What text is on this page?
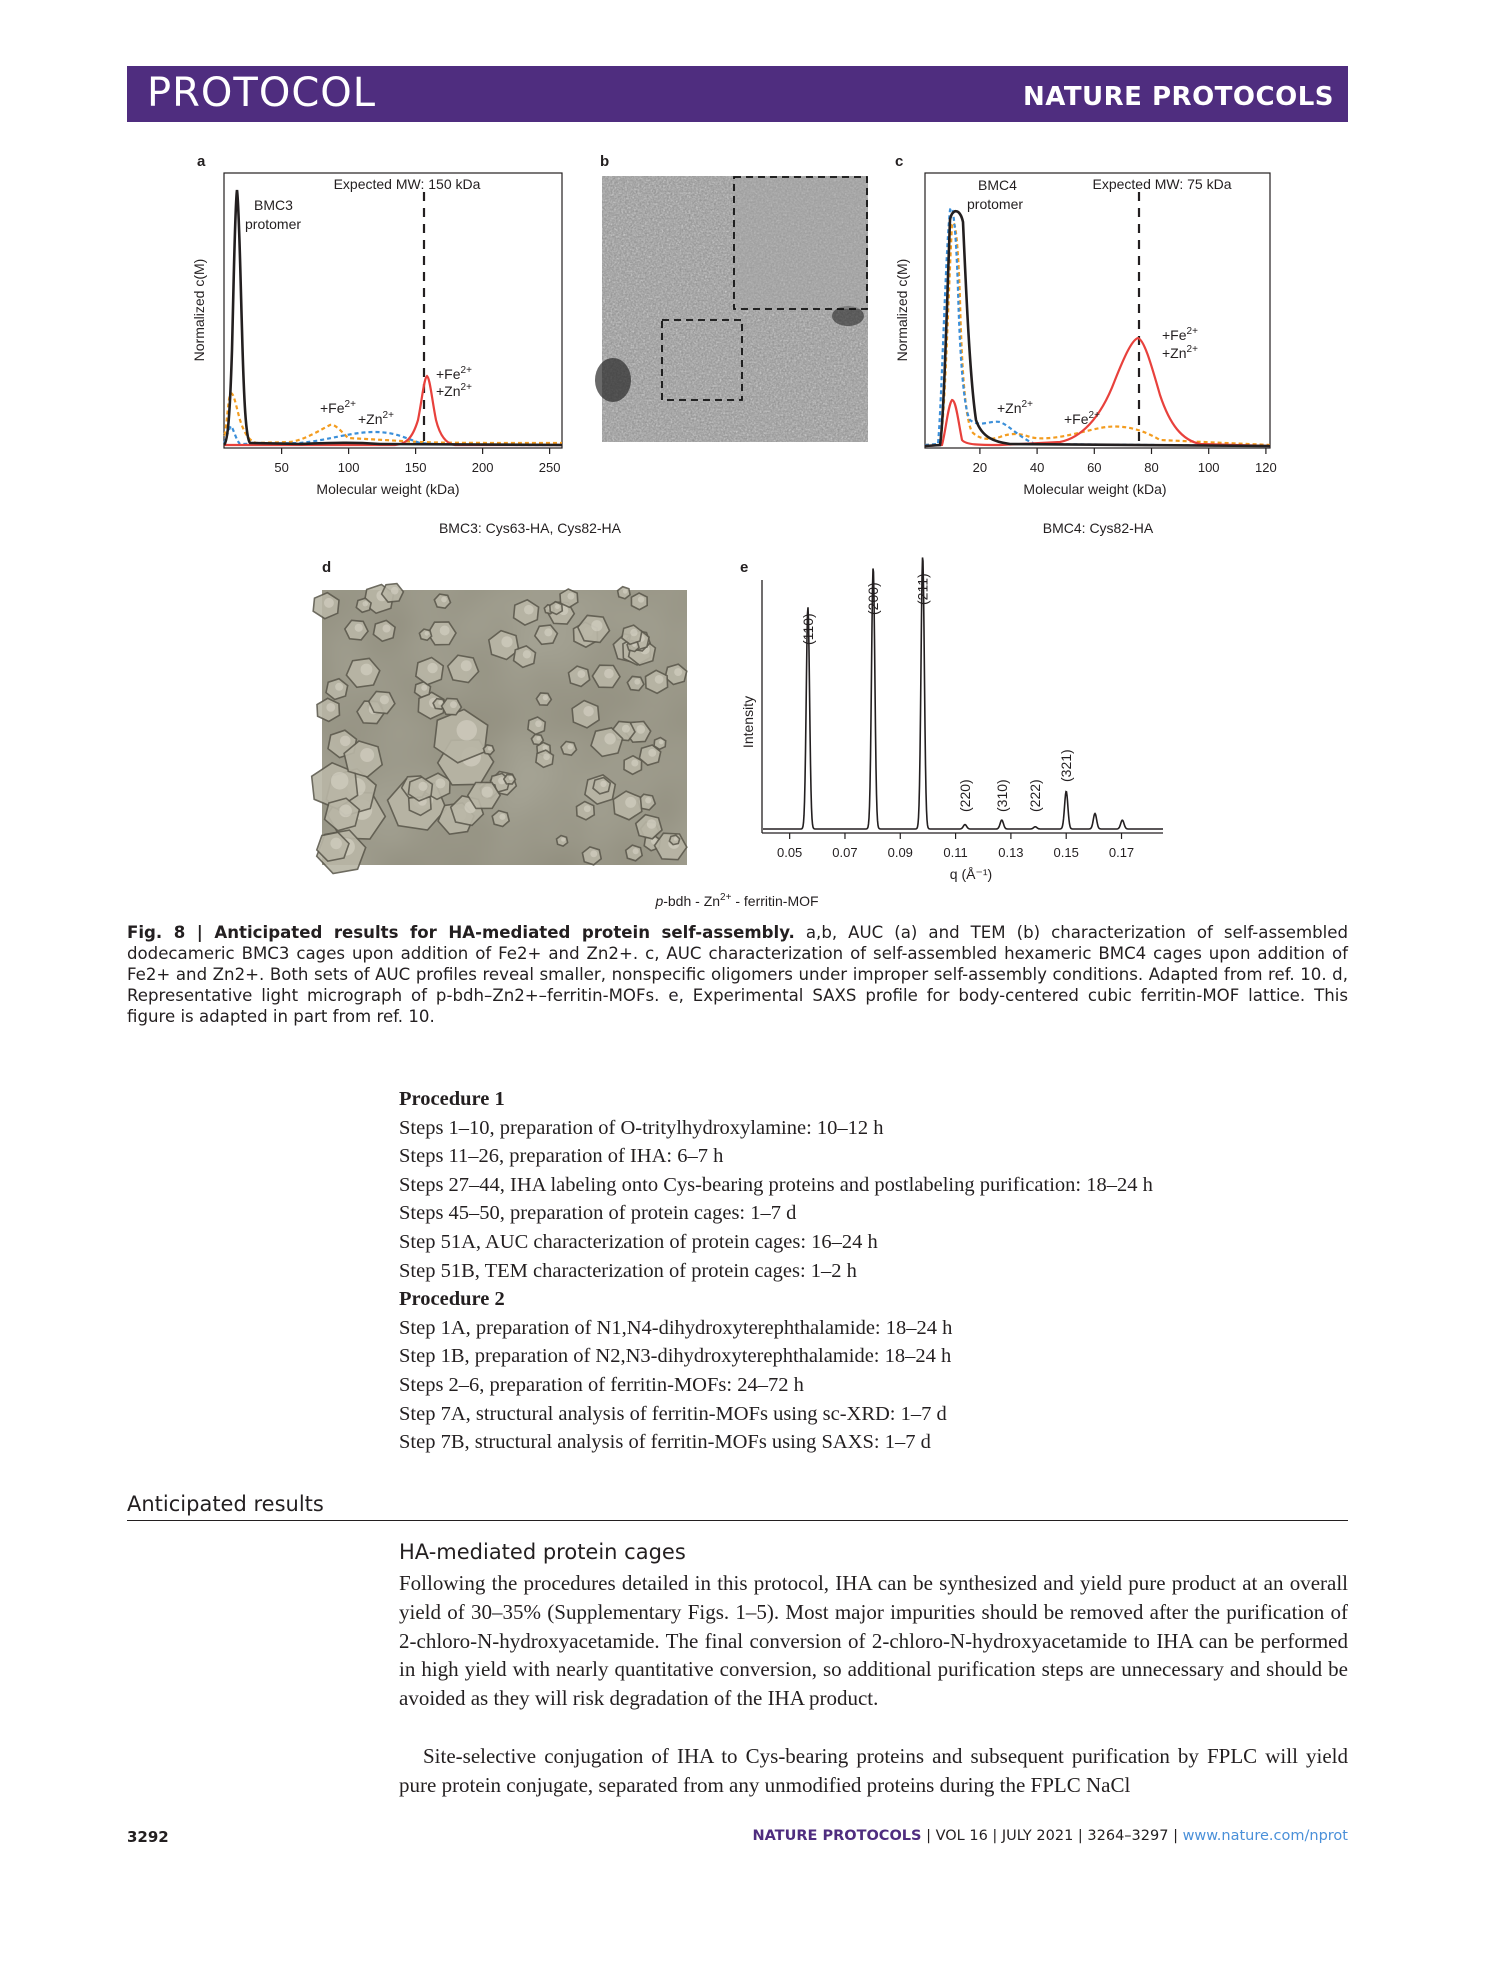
PROTOCOL	NATURE PROTOCOLS
a	b	c
d	e
Normalized c(M)
Molecular weight (kDa)
50	100	150	200	250
Expected MW: 150 kDa
BMC3
protomer
$+Fe^{2+}$
$+Zn^{2+}$
$+Fe^{2+}$
$+Zn^{2+}$
BMC3: Cys63-HA, Cys82-HA
Normalized c(M)
Molecular weight (kDa)
20	40	60	80	100	120
Expected MW: 75 kDa
BMC4
protomer
$+Fe^{2+}$
$+Zn^{2+}$
$+Zn^{2+}$
$+Fe^{2+}$
BMC4: Cys82-HA
Intensity
q (Å⁻¹)
0.05 0.07 0.09 0.11 0.13 0.15 0.17
(110)
(200) (211)
(220) (310) (222)
(321)
$p-bdh - Zn^{2+}$ - ferritin-MOF
Fig. 8 | Anticipated results for HA-mediated protein self-assembly. a,b, AUC (a) and TEM (b) characterization of self-assembled dodecameric BMC3 cages upon addition of Fe2+ and Zn2+. c, AUC characterization of self-assembled hexameric BMC4 cages upon addition of Fe2+ and Zn2+. Both sets of AUC profiles reveal smaller, nonspecific oligomers under improper self-assembly conditions. Adapted from ref. 10. d, Representative light micrograph of p-bdh–Zn2+–ferritin-MOFs. e, Experimental SAXS profile for body-centered cubic ferritin-MOF lattice. This figure is adapted in part from ref. 10.
Procedure 1
Steps 1–10, preparation of O-tritylhydroxylamine: 10–12 h
Steps 11–26, preparation of IHA: 6–7 h
Steps 27–44, IHA labeling onto Cys-bearing proteins and postlabeling purification: 18–24 h
Steps 45–50, preparation of protein cages: 1–7 d
Step 51A, AUC characterization of protein cages: 16–24 h
Step 51B, TEM characterization of protein cages: 1–2 h
Procedure 2
Step 1A, preparation of N1,N4-dihydroxyterephthalamide: 18–24 h
Step 1B, preparation of N2,N3-dihydroxyterephthalamide: 18–24 h
Steps 2–6, preparation of ferritin-MOFs: 24–72 h
Step 7A, structural analysis of ferritin-MOFs using sc-XRD: 1–7 d
Step 7B, structural analysis of ferritin-MOFs using SAXS: 1–7 d
Anticipated results
HA-mediated protein cages
Following the procedures detailed in this protocol, IHA can be synthesized and yield pure product at an overall yield of 30–35% (Supplementary Figs. 1–5). Most major impurities should be removed after the purification of 2-chloro-N-hydroxyacetamide. The final conversion of 2-chloro-N-hydroxyacetamide to IHA can be performed in high yield with nearly quantitative conversion, so additional purification steps are unnecessary and should be avoided as they will risk degradation of the IHA product.
Site-selective conjugation of IHA to Cys-bearing proteins and subsequent purification by FPLC will yield pure protein conjugate, separated from any unmodified proteins during the FPLC NaCl
3292	NATURE PROTOCOLS | VOL 16 | JULY 2021 | 3264–3297 | www.nature.com/nprot
